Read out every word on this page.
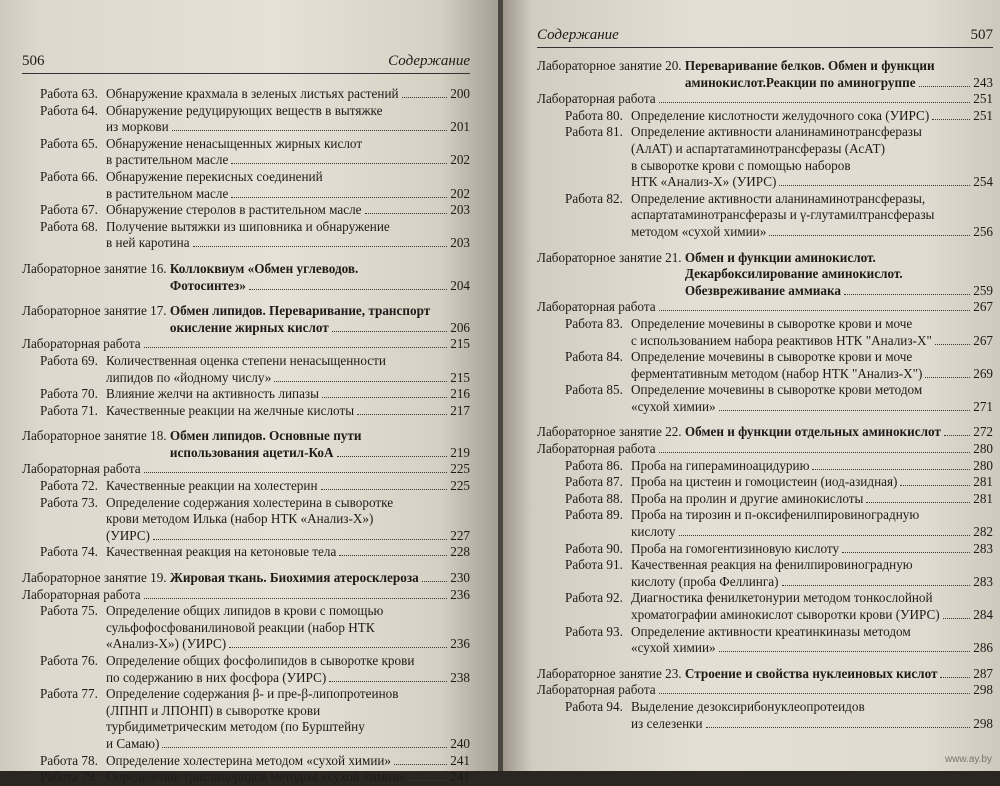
506	Содержание
Работа 63. Обнаружение крахмала в зеленых листьях растений	200
Работа 64. Обнаружение редуцирующих веществ в вытяжке
из моркови	201
Работа 65. Обнаружение ненасыщенных жирных кислот
в растительном масле	202
Работа 66. Обнаружение перекисных соединений
в растительном масле	202
Работа 67. Обнаружение стеролов в растительном масле	203
Работа 68. Получение вытяжки из шиповника и обнаружение
в ней каротина	203
Лабораторное занятие 16. Коллоквиум «Обмен углеводов.
Фотосинтез»	204
Лабораторное занятие 17. Обмен липидов. Переваривание, транспорт
окисление жирных кислот	206
Лабораторная работа	215
Работа 69. Количественная оценка степени ненасыщенности
липидов по «йодному числу»	215
Работа 70. Влияние желчи на активность липазы	216
Работа 71. Качественные реакции на желчные кислоты	217
Лабораторное занятие 18. Обмен липидов. Основные пути
использования ацетил-КоА	219
Лабораторная работа	225
Работа 72. Качественные реакции на холестерин	225
Работа 73. Определение содержания холестерина в сыворотке
крови методом Илька (набор НТК «Анализ-Х»)
(УИРС)	227
Работа 74. Качественная реакция на кетоновые тела	228
Лабораторное занятие 19. Жировая ткань. Биохимия атеросклероза 230
Лабораторная работа	236
Работа 75. Определение общих липидов в крови с помощью
сульфофосфованилиновой реакции (набор НТК
«Анализ-Х») (УИРС)	236
Работа 76. Определение общих фосфолипидов в сыворотке крови
по содержанию в них фосфора (УИРС)	238
Работа 77. Определение содержания β- и пре-β-липопротеинов
(ЛПНП и ЛПОНП) в сыворотке крови
турбидиметрическим методом (по Бурштейну
и Самаю)	240
Работа 78. Определение холестерина методом «сухой химии»	241
Работа 79. Определение триглицеридов методом «сухой химии»	241
Содержание	507
Лабораторное занятие 20. Переваривание белков. Обмен и функции
аминокислот.Реакции по аминогруппе	243
Лабораторная работа	251
Работа 80. Определение кислотности желудочного сока (УИРС)	251
Работа 81. Определение активности аланинаминотрансферазы
(АлАТ) и аспартатаминотрансферазы (АсАТ)
в сыворотке крови с помощью наборов
НТК «Анализ-Х» (УИРС)	254
Работа 82. Определение активности аланинаминотрансферазы,
аспартатаминотрансферазы и γ-глутамилтрансферазы
методом «сухой химии»	256
Лабораторное занятие 21. Обмен и функции аминокислот.
Декарбоксилирование аминокислот.
Обезвреживание аммиака	259
Лабораторная работа	267
Работа 83. Определение мочевины в сыворотке крови и моче
с использованием набора реактивов НТК "Анализ-Х"	267
Работа 84. Определение мочевины в сыворотке крови и моче
ферментативным методом (набор НТК "Анализ-Х")	269
Работа 85. Определение мочевины в сыворотке крови методом
«сухой химии»	271
Лабораторное занятие 22. Обмен и функции отдельных аминокислот 272
Лабораторная работа	280
Работа 86. Проба на гипераминоацидурию	280
Работа 87. Проба на цистеин и гомоцистеин (иод-азидная)	281
Работа 88. Проба на пролин и другие аминокислоты	281
Работа 89. Проба на тирозин и п-оксифенилпировиноградную
кислоту	282
Работа 90. Проба на гомогентизиновую кислоту	283
Работа 91. Качественная реакция на фенилпировиноградную
кислоту (проба Феллинга)	283
Работа 92. Диагностика фенилкетонурии методом тонкослойной
хроматографии аминокислот сыворотки крови (УИРС)	284
Работа 93. Определение активности креатинкиназы методом
«сухой химии»	286
Лабораторное занятие 23. Строение и свойства нуклеиновых кислот	287
Лабораторная работа	298
Работа 94. Выделение дезоксирибонуклеопротеидов
из селезенки	298
www.ay.by
